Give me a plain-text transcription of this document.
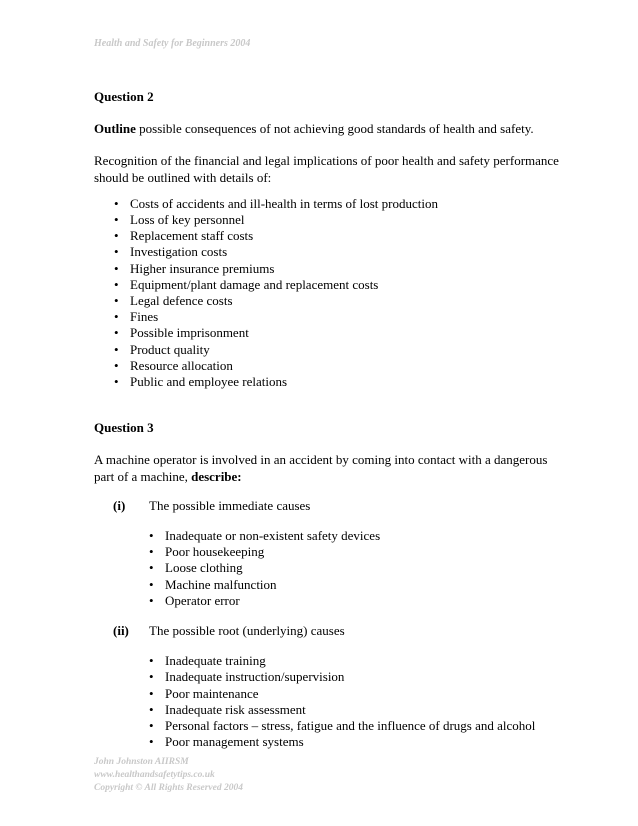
Health and Safety for Beginners 2004
Question 2

Outline possible consequences of not achieving good standards of health and safety.

Recognition of the financial and legal implications of poor health and safety performance should be outlined with details of:

• Costs of accidents and ill-health in terms of lost production
• Loss of key personnel
• Replacement staff costs
• Investigation costs
• Higher insurance premiums
• Equipment/plant damage and replacement costs
• Legal defence costs
• Fines
• Possible imprisonment
• Product quality
• Resource allocation
• Public and employee relations
Question 3

A machine operator is involved in an accident by coming into contact with a dangerous part of a machine, describe:

(i)	The possible immediate causes
• Inadequate or non-existent safety devices
• Poor housekeeping
• Loose clothing
• Machine malfunction
• Operator error
(ii)	The possible root (underlying) causes
• Inadequate training
• Inadequate instruction/supervision
• Poor maintenance
• Inadequate risk assessment
• Personal factors – stress, fatigue and the influence of drugs and alcohol
• Poor management systems
John Johnston AIIRSM
www.healthandsafetytips.co.uk
Copyright © All Rights Reserved 2004
